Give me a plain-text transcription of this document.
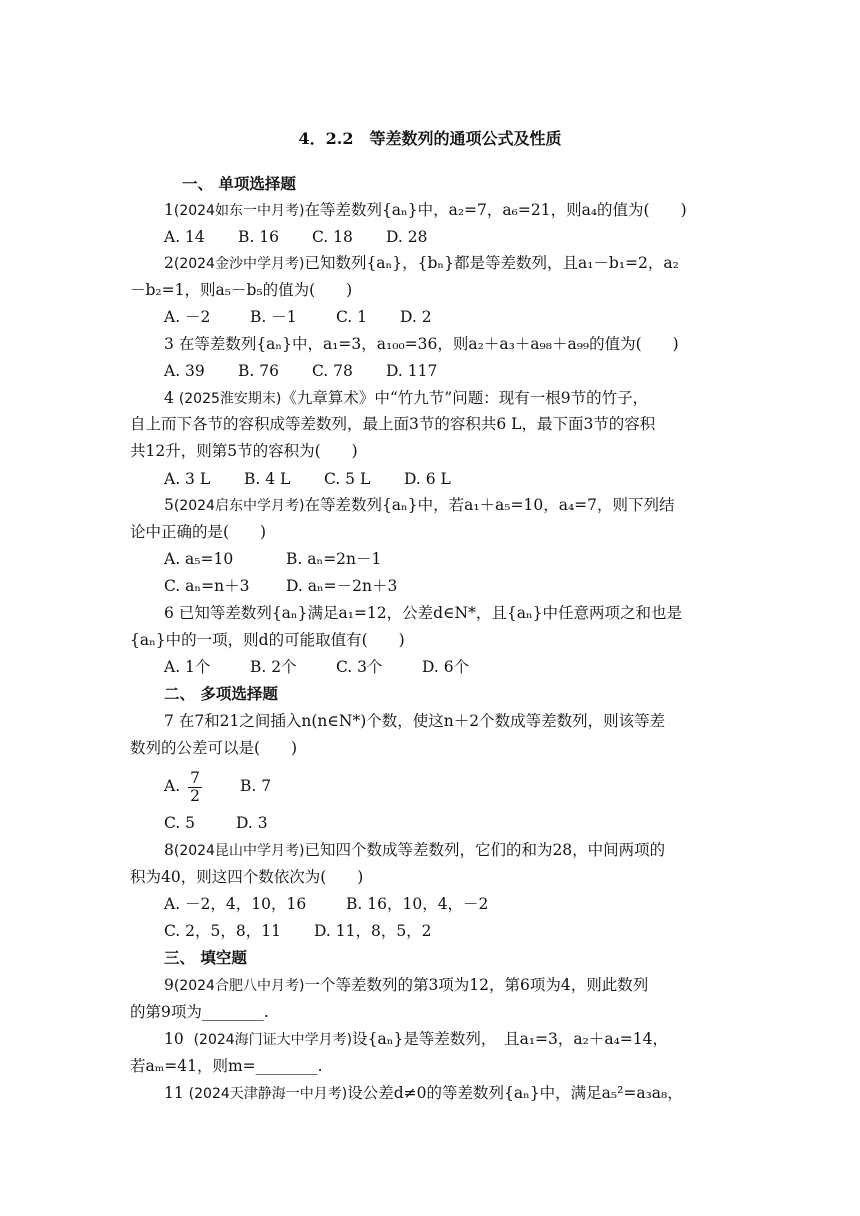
4．2.2　等差数列的通项公式及性质
一、 单项选择题
1(2024如东一中月考)在等差数列{aₙ}中，a₂=7，a₆=21，则a₄的值为(　　)
A. 14 B. 16 C. 18 D. 28
2(2024金沙中学月考)已知数列{aₙ}，{bₙ}都是等差数列，且a₁－b₁=2，a₂
－b₂=1，则a₅－b₅的值为(　　)
A. －2	B. －1	C. 1 D. 2
3 在等差数列{aₙ}中，a₁=3，a₁₀₀=36，则a₂＋a₃＋a₉₈＋a₉₉的值为(　　)
A. 39 B. 76 C. 78 D. 117
4 (2025淮安期末)《九章算术》中“竹九节”问题：现有一根9节的竹子，
自上而下各节的容积成等差数列，最上面3节的容积共6 L，最下面3节的容积
共12升，则第5节的容积为(　　)
A. 3 L B. 4 L C. 5 L D. 6 L
5(2024启东中学月考)在等差数列{aₙ}中，若a₁＋a₅=10，a₄=7，则下列结
论中正确的是(　　)
A. a₅=10	B. aₙ=2n－1
C. aₙ=n＋3 D. aₙ=－2n＋3
6 已知等差数列{aₙ}满足a₁=12，公差d∈N*，且{aₙ}中任意两项之和也是
{aₙ}中的一项，则d的可能取值有(　　)
A. 1个	B. 2个	C. 3个	D. 6个
二、 多项选择题
7 在7和21之间插入n(n∈N*)个数，使这n＋2个数成等差数列，则该等差
数列的公差可以是(　　)
A. $\frac{7}{2} B$. 7
C. 5	D. 3
8(2024昆山中学月考)已知四个数成等差数列，它们的和为28，中间两项的
积为40，则这四个数依次为(　　)
A. －2，4，10，16	B. 16，10，4，－2
C. 2，5，8，11 D. 11，8，5，2
三、 填空题
9(2024合肥八中月考)一个等差数列的第3项为12，第6项为4，则此数列
的第9项为________.
10 (2024海门证大中学月考)设{aₙ}是等差数列，　且a₁=3，a₂＋a₄=14，
若aₘ=41，则m=________.
11 (2024天津静海一中月考)设公差d≠0的等差数列{aₙ}中，满足a₅²=a₃a₈，
